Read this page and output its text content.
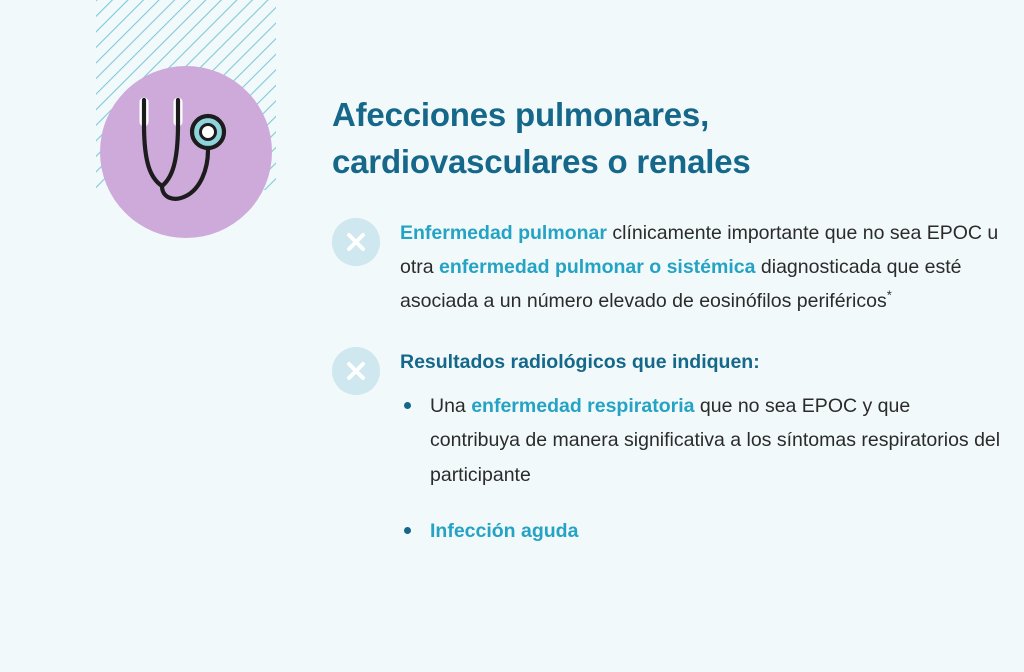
Afecciones pulmonares,
cardiovasculares o renales
Enfermedad pulmonar clínicamente importante que no sea EPOC u otra enfermedad pulmonar o sistémica diagnosticada que esté asociada a un número elevado de eosinófilos periféricos*
Resultados radiológicos que indiquen:
Una enfermedad respiratoria que no sea EPOC y que contribuya de manera significativa a los síntomas respiratorios del participante
Infección aguda
